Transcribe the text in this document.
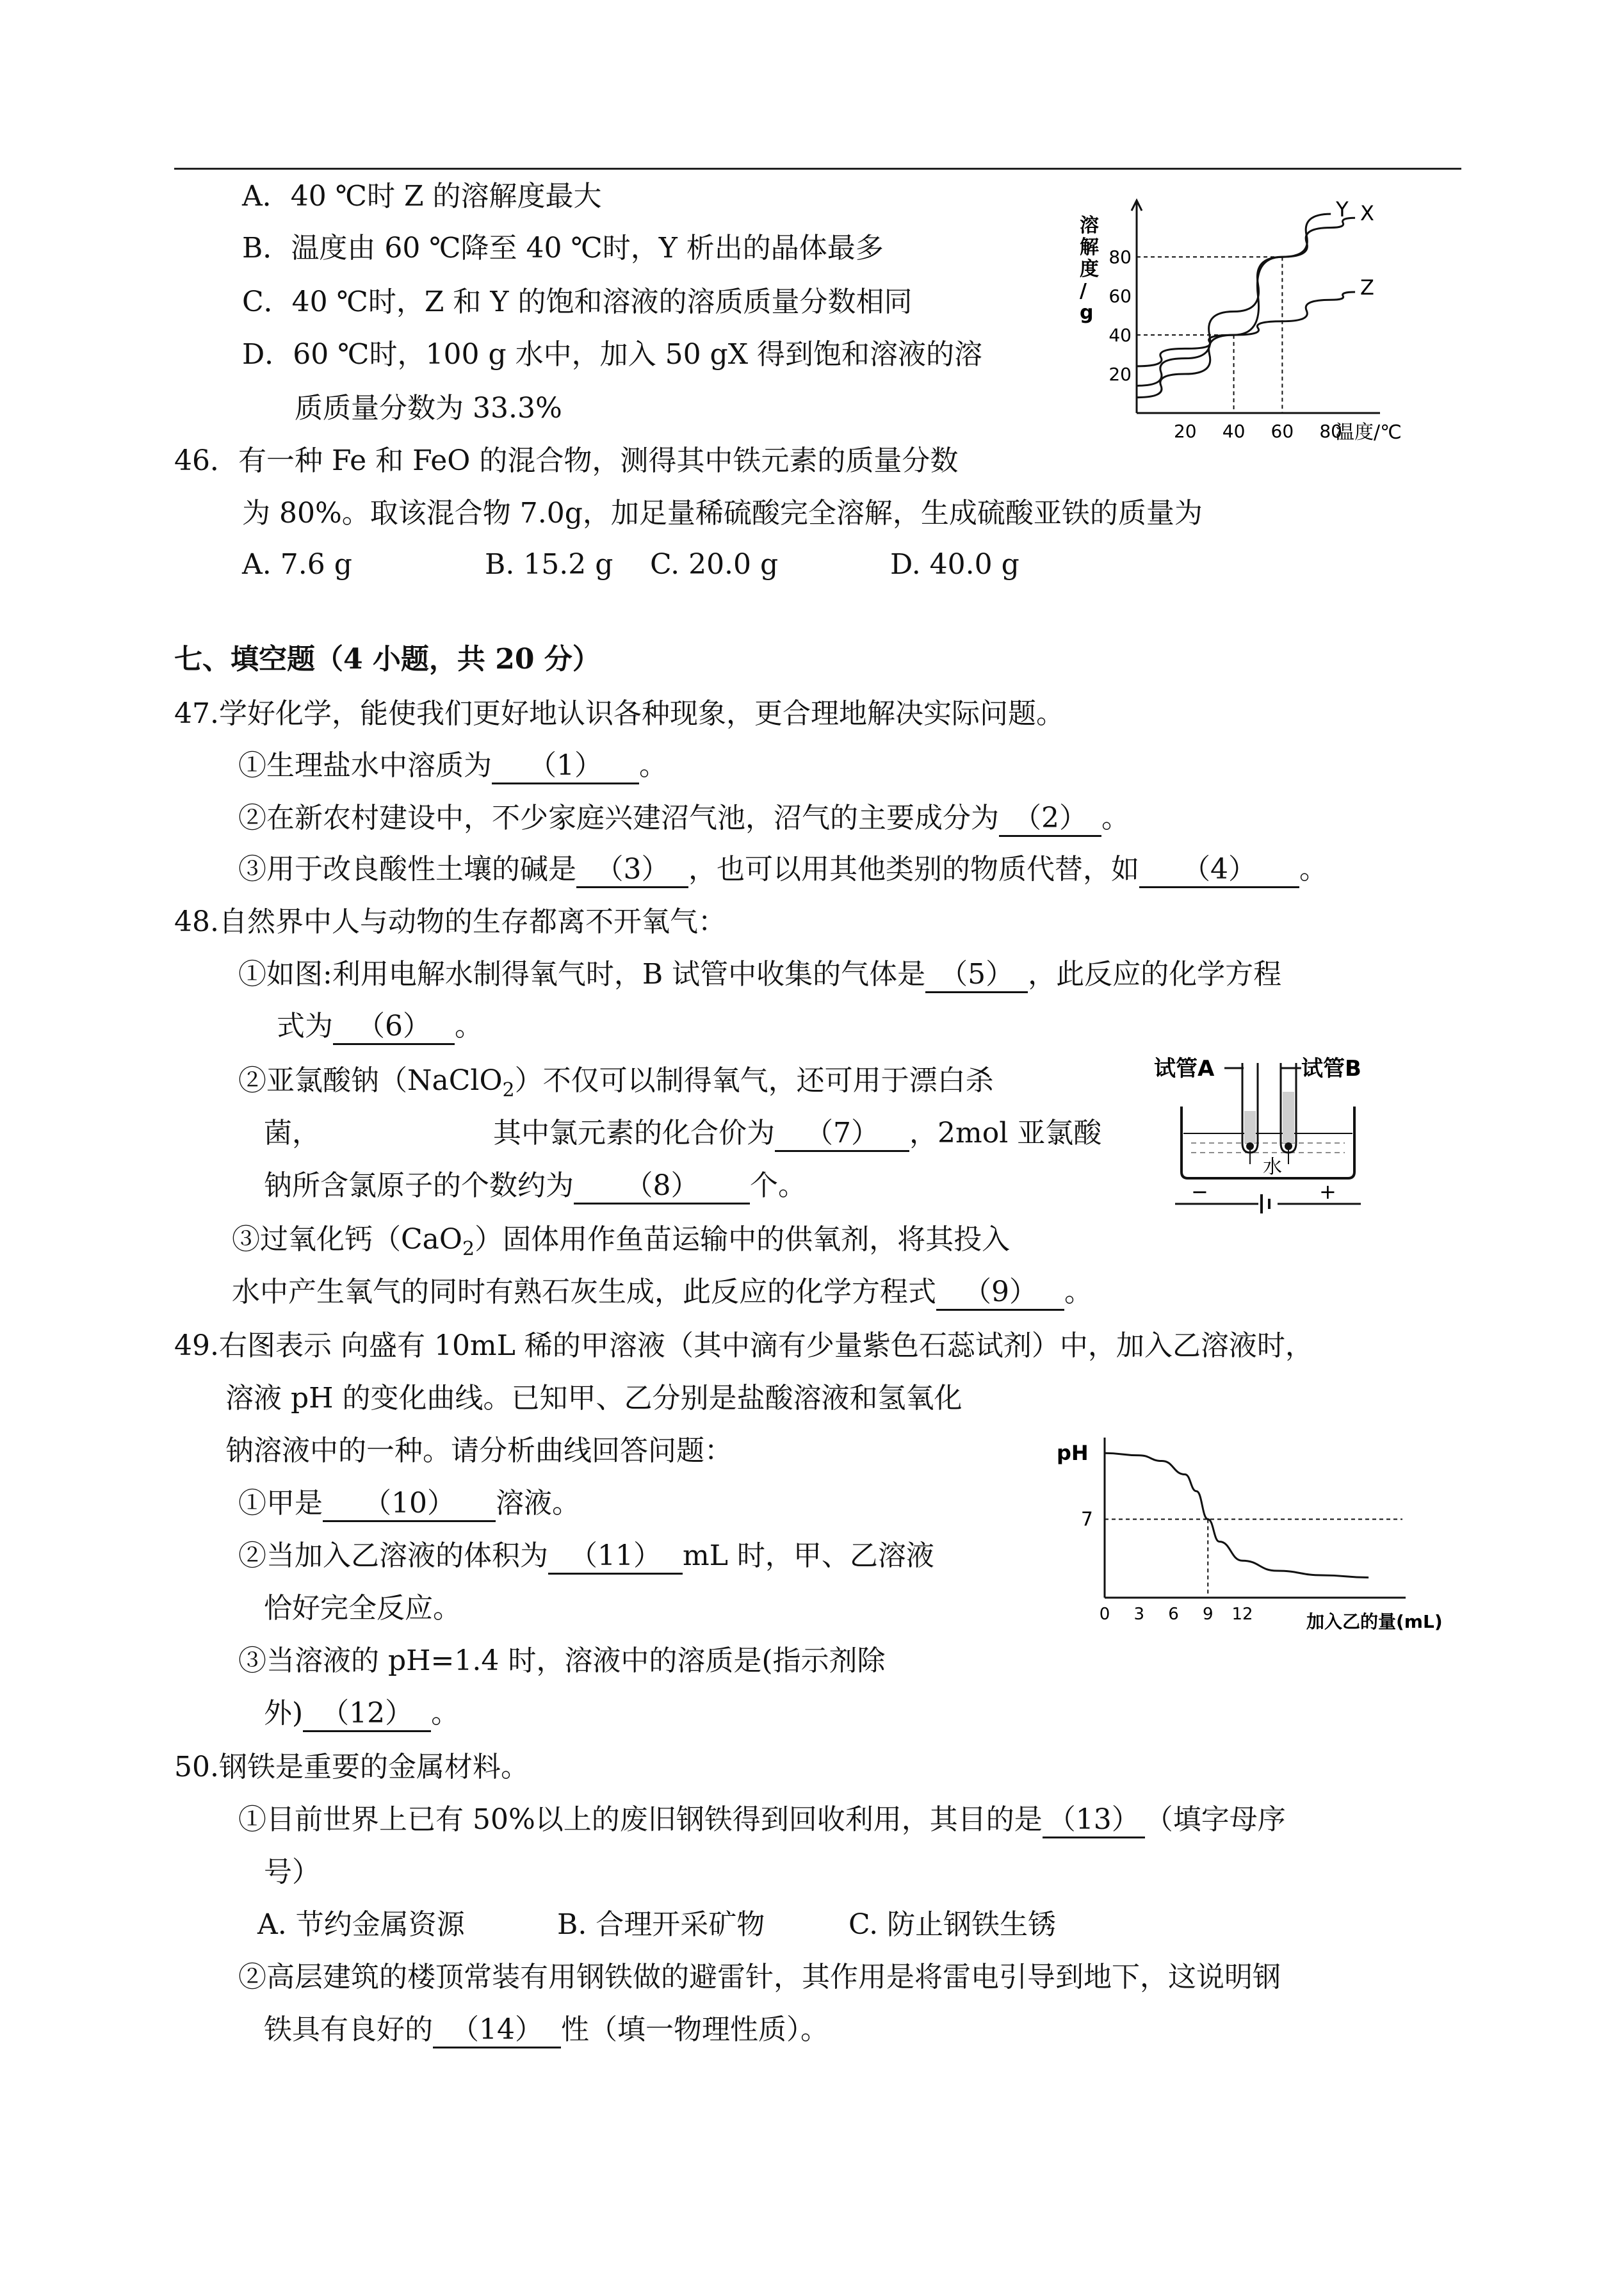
A．40 ℃时 Z 的溶解度最大
B．温度由 60 ℃降至 40 ℃时，Y 析出的晶体最多
C．40 ℃时，Z 和 Y 的饱和溶液的溶质质量分数相同
D．60 ℃时，100 g 水中，加入 50 gX 得到饱和溶液的溶
质质量分数为 33.3%
溶
解
度
/
g
温度/℃
20
40
60
80
20 40 60 80
X
Y
Z
46．有一种 Fe 和 FeO 的混合物，测得其中铁元素的质量分数
为 80%。取该混合物 7.0g，加足量稀硫酸完全溶解，生成硫酸亚铁的质量为
A. 7.6 g	B. 15.2 g C. 20.0 g	D. 40.0 g
七、填空题（4 小题，共 20 分）
47.学好化学，能使我们更好地认识各种现象，更合理地解决实际问题。
①生理盐水中溶质为 （1） 。
②在新农村建设中，不少家庭兴建沼气池，沼气的主要成分为 （2） 。
③用于改良酸性土壤的碱是 （3） ，也可以用其他类别的物质代替，如 （4） 。
48.自然界中人与动物的生存都离不开氧气：
①如图:利用电解水制得氧气时，B 试管中收集的气体是 （5） ，此反应的化学方程
式为 （6） 。
②亚氯酸钠（NaClO$_2$）不仅可以制得氧气，还可用于漂白杀
菌，	其中氯元素的化合价为 （7） ，2mol 亚氯酸
钠所含氯原子的个数约为 （8） 个。
③过氧化钙（CaO$_2$）固体用作鱼苗运输中的供氧剂，将其投入
水中产生氧气的同时有熟石灰生成，此反应的化学方程式 （9） 。
试管A	试管B
水
−	+
49.右图表示 向盛有 10mL 稀的甲溶液（其中滴有少量紫色石蕊试剂）中，加入乙溶液时，
溶液 pH 的变化曲线。已知甲、乙分别是盐酸溶液和氢氧化
钠溶液中的一种。请分析曲线回答问题：
①甲是 （10） 溶液。
②当加入乙溶液的体积为 （11） mL 时，甲、乙溶液
恰好完全反应。
③当溶液的 pH=1.4 时，溶液中的溶质是(指示剂除
外) （12） 。
pH
加入乙的量(mL)
7
0 3 6 9 12
50.钢铁是重要的金属材料。
①目前世界上已有 50%以上的废旧钢铁得到回收利用，其目的是 （13） （填字母序
号）
A. 节约金属资源	B. 合理开采矿物	C. 防止钢铁生锈
②高层建筑的楼顶常装有用钢铁做的避雷针，其作用是将雷电引导到地下，这说明钢
铁具有良好的 （14） 性（填一物理性质）。
